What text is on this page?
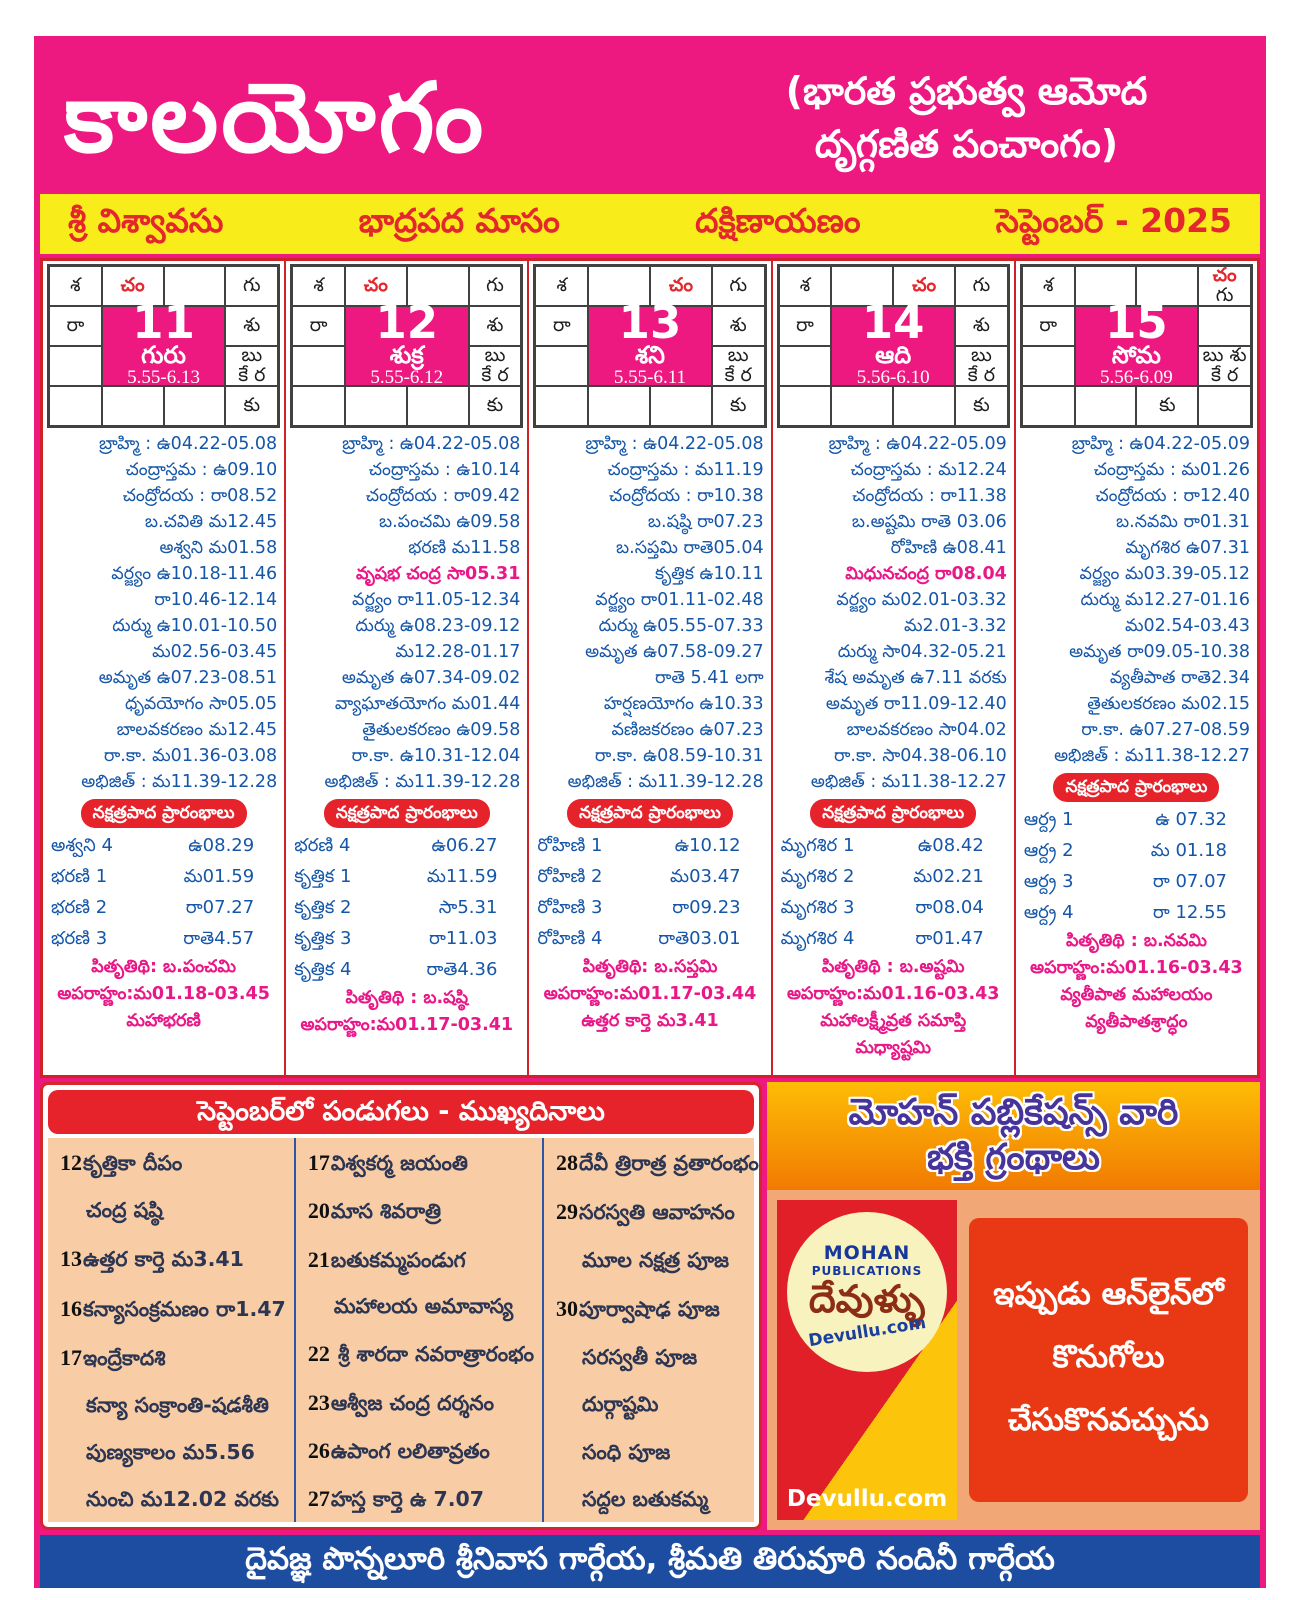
కాలయోగం	(భారత ప్రభుత్వ ఆమోద
దృగ్గణిత పంచాంగం)
శ్రీ విశ్వావసు	భాద్రపద మాసం	దక్షిణాయణం	సెప్టెంబర్ - 2025
శ చం	గు
రా 11
గురు
5.55-6.13
శు
బు
కే ర
కు
బ్రాహ్మి : ఉ04.22-05.08
చంద్రాస్తమ : ఉ09.10
చంద్రోదయ : రా08.52
బ.చవితి మ12.45
అశ్వని మ01.58
వర్జ్యం ఉ10.18-11.46
రా10.46-12.14
దుర్ము ఉ10.01-10.50
మ02.56-03.45
అమృత ఉ07.23-08.51
ధృవయోగం సా05.05
బాలవకరణం మ12.45
రా.కా. మ01.36-03.08
అభిజిత్ : మ11.39-12.28
నక్షత్రపాద ప్రారంభాలు
అశ్వని 4	ఉ08.29
భరణి 1	మ01.59
భరణి 2	రా07.27
భరణి 3	రాతె4.57
పితృతిథి: బ.పంచమి
అపరాహ్ణం:మ01.18-03.45
మహాభరణి
శ చం	గు
రా 12
శుక్ర
5.55-6.12
శు
బు
కే ర
కు
బ్రాహ్మి : ఉ04.22-05.08
చంద్రాస్తమ : ఉ10.14
చంద్రోదయ : రా09.42
బ.పంచమి ఉ09.58
భరణి మ11.58
వృషభ చంద్ర సా05.31
వర్జ్యం రా11.05-12.34
దుర్ము ఉ08.23-09.12
మ12.28-01.17
అమృత ఉ07.34-09.02
వ్యాఘాతయోగం మ01.44
తైతులకరణం ఉ09.58
రా.కా. ఉ10.31-12.04
అభిజిత్ : మ11.39-12.28
నక్షత్రపాద ప్రారంభాలు
భరణి 4	ఉ06.27
కృత్తిక 1	మ11.59
కృత్తిక 2	సా5.31
కృత్తిక 3	రా11.03
కృత్తిక 4	రాతె4.36
పితృతిథి : బ.షష్ఠి
అపరాహ్ణం:మ01.17-03.41
శ	చం గు
రా 13
శని
5.55-6.11
శు
బు
కే ర
కు
బ్రాహ్మి : ఉ04.22-05.08
చంద్రాస్తమ : మ11.19
చంద్రోదయ : రా10.38
బ.షష్ఠి రా07.23
బ.సప్తమి రాతె05.04
కృత్తిక ఉ10.11
వర్జ్యం రా01.11-02.48
దుర్ము ఉ05.55-07.33
అమృత ఉ07.58-09.27
రాతె 5.41 లగా
హర్షణయోగం ఉ10.33
వణిజకరణం ఉ07.23
రా.కా. ఉ08.59-10.31
అభిజిత్ : మ11.39-12.28
నక్షత్రపాద ప్రారంభాలు
రోహిణి 1	ఉ10.12
రోహిణి 2	మ03.47
రోహిణి 3	రా09.23
రోహిణి 4	రాతె03.01
పితృతిథి: బ.సప్తమి
అపరాహ్ణం:మ01.17-03.44
ఉత్తర కార్తె మ3.41
శ	చం గు
రా 14
ఆది
5.56-6.10
శు
బు
కే ర
కు
బ్రాహ్మి : ఉ04.22-05.09
చంద్రాస్తమ : మ12.24
చంద్రోదయ : రా11.38
బ.అష్టమి రాతె 03.06
రోహిణి ఉ08.41
మిధునచంద్ర రా08.04
వర్జ్యం మ02.01-03.32
మ2.01-3.32
దుర్ము సా04.32-05.21
శేష అమృత ఉ7.11 వరకు
అమృత రా11.09-12.40
బాలవకరణం సా04.02
రా.కా. సా04.38-06.10
అభిజిత్ : మ11.38-12.27
నక్షత్రపాద ప్రారంభాలు
మృగశిర 1	ఉ08.42
మృగశిర 2	మ02.21
మృగశిర 3	రా08.04
మృగశిర 4	రా01.47
పితృతిథి : బ.అష్టమి
అపరాహ్ణం:మ01.16-03.43
మహాలక్ష్మీవ్రత సమాప్తి
మధ్యాష్టమి
శ	చం
గు
రా 15
సోమ
5.56-6.09
బు శు
కే ర
కు
బ్రాహ్మి : ఉ04.22-05.09
చంద్రాస్తమ : మ01.26
చంద్రోదయ : రా12.40
బ.నవమి రా01.31
మృగశిర ఉ07.31
వర్జ్యం మ03.39-05.12
దుర్ము మ12.27-01.16
మ02.54-03.43
అమృత రా09.05-10.38
వ్యతీపాత రాతె2.34
తైతులకరణం మ02.15
రా.కా. ఉ07.27-08.59
అభిజిత్ : మ11.38-12.27
నక్షత్రపాద ప్రారంభాలు
ఆర్ద్ర 1	ఉ 07.32
ఆర్ద్ర 2	మ 01.18
ఆర్ద్ర 3	రా 07.07
ఆర్ద్ర 4	రా 12.55
పితృతిథి : బ.నవమి
అపరాహ్ణం:మ01.16-03.43
వ్యతీపాత మహాలయం
వ్యతీపాతశ్రాద్ధం
సెప్టెంబర్‌లో పండుగలు - ముఖ్యదినాలు
12కృత్తికా దీపం
చంద్ర షష్ఠి
13ఉత్తర కార్తె మ3.41
16కన్యాసంక్రమణం రా1.47
17ఇంద్రేకాదశి
కన్యా సంక్రాంతి-షడశీతి
పుణ్యకాలం మ5.56
నుంచి మ12.02 వరకు
17విశ్వకర్మ జయంతి
20మాస శివరాత్రి
21బతుకమ్మపండుగ
మహాలయ అమావాస్య
22 శ్రీ శారదా నవరాత్రారంభం
23ఆశ్వీజ చంద్ర దర్శనం
26ఉపాంగ లలితావ్రతం
27హస్త కార్తె ఉ 7.07
28దేవీ త్రిరాత్ర వ్రతారంభం
29సరస్వతి ఆవాహనం
మూల నక్షత్ర పూజ
30పూర్వాషాఢ పూజ
సరస్వతీ పూజ
దుర్గాష్టమి
సంధి పూజ
సద్దల బతుకమ్మ
మోహన్ పబ్లికేషన్స్ వారి
భక్తి గ్రంథాలు
MOHAN
PUBLICATIONS
దేవుళ్ళు
Devullu.com
Devullu.com
ఇప్పుడు ఆన్‌లైన్‌లో
కొనుగోలు
చేసుకొనవచ్చును
దైవజ్ఞ పొన్నలూరి శ్రీనివాస గార్గేయ, శ్రీమతి తిరువూరి నందినీ గార్గేయ
